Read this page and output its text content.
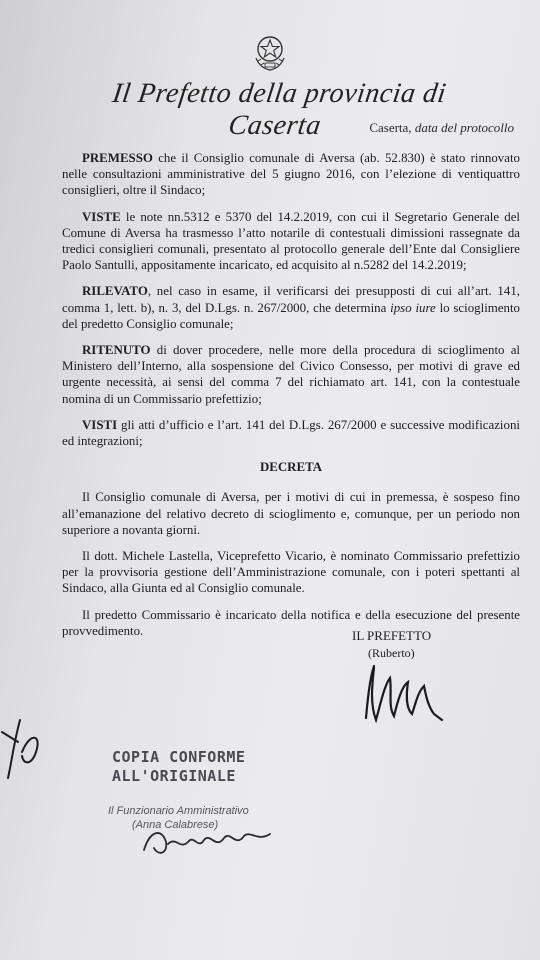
Il Prefetto della provincia di Caserta	Caserta, data del protocollo

PREMESSO che il Consiglio comunale di Aversa (ab. 52.830) è stato rinnovato nelle consultazioni amministrative del 5 giugno 2016, con l’elezione di ventiquattro consiglieri, oltre il Sindaco;

VISTE le note nn.5312 e 5370 del 14.2.2019, con cui il Segretario Generale del Comune di Aversa ha trasmesso l’atto notarile di contestuali dimissioni rassegnate da tredici consiglieri comunali, presentato al protocollo generale dell’Ente dal Consigliere Paolo Santulli, appositamente incaricato, ed acquisito al n.5282 del 14.2.2019;

RILEVATO, nel caso in esame, il verificarsi dei presupposti di cui all’art. 141, comma 1, lett. b), n. 3, del D.Lgs. n. 267/2000, che determina ipso iure lo scioglimento del predetto Consiglio comunale;

RITENUTO di dover procedere, nelle more della procedura di scioglimento al Ministero dell’Interno, alla sospensione del Civico Consesso, per motivi di grave ed urgente necessità, ai sensi del comma 7 del richiamato art. 141, con la contestuale nomina di un Commissario prefettizio;

VISTI gli atti d’ufficio e l’art. 141 del D.Lgs. 267/2000 e successive modificazioni ed integrazioni;

DECRETA

Il Consiglio comunale di Aversa, per i motivi di cui in premessa, è sospeso fino all’emanazione del relativo decreto di scioglimento e, comunque, per un periodo non superiore a novanta giorni.

Il dott. Michele Lastella, Viceprefetto Vicario, è nominato Commissario prefettizio per la provvisoria gestione dell’Amministrazione comunale, con i poteri spettanti al Sindaco, alla Giunta ed al Consiglio comunale.

Il predetto Commissario è incaricato della notifica e della esecuzione del presente provvedimento.	IL PREFETTO
(Ruberto)
COPIA CONFORME
ALL'ORIGINALE
Il Funzionario Amministrativo
(Anna Calabrese)
